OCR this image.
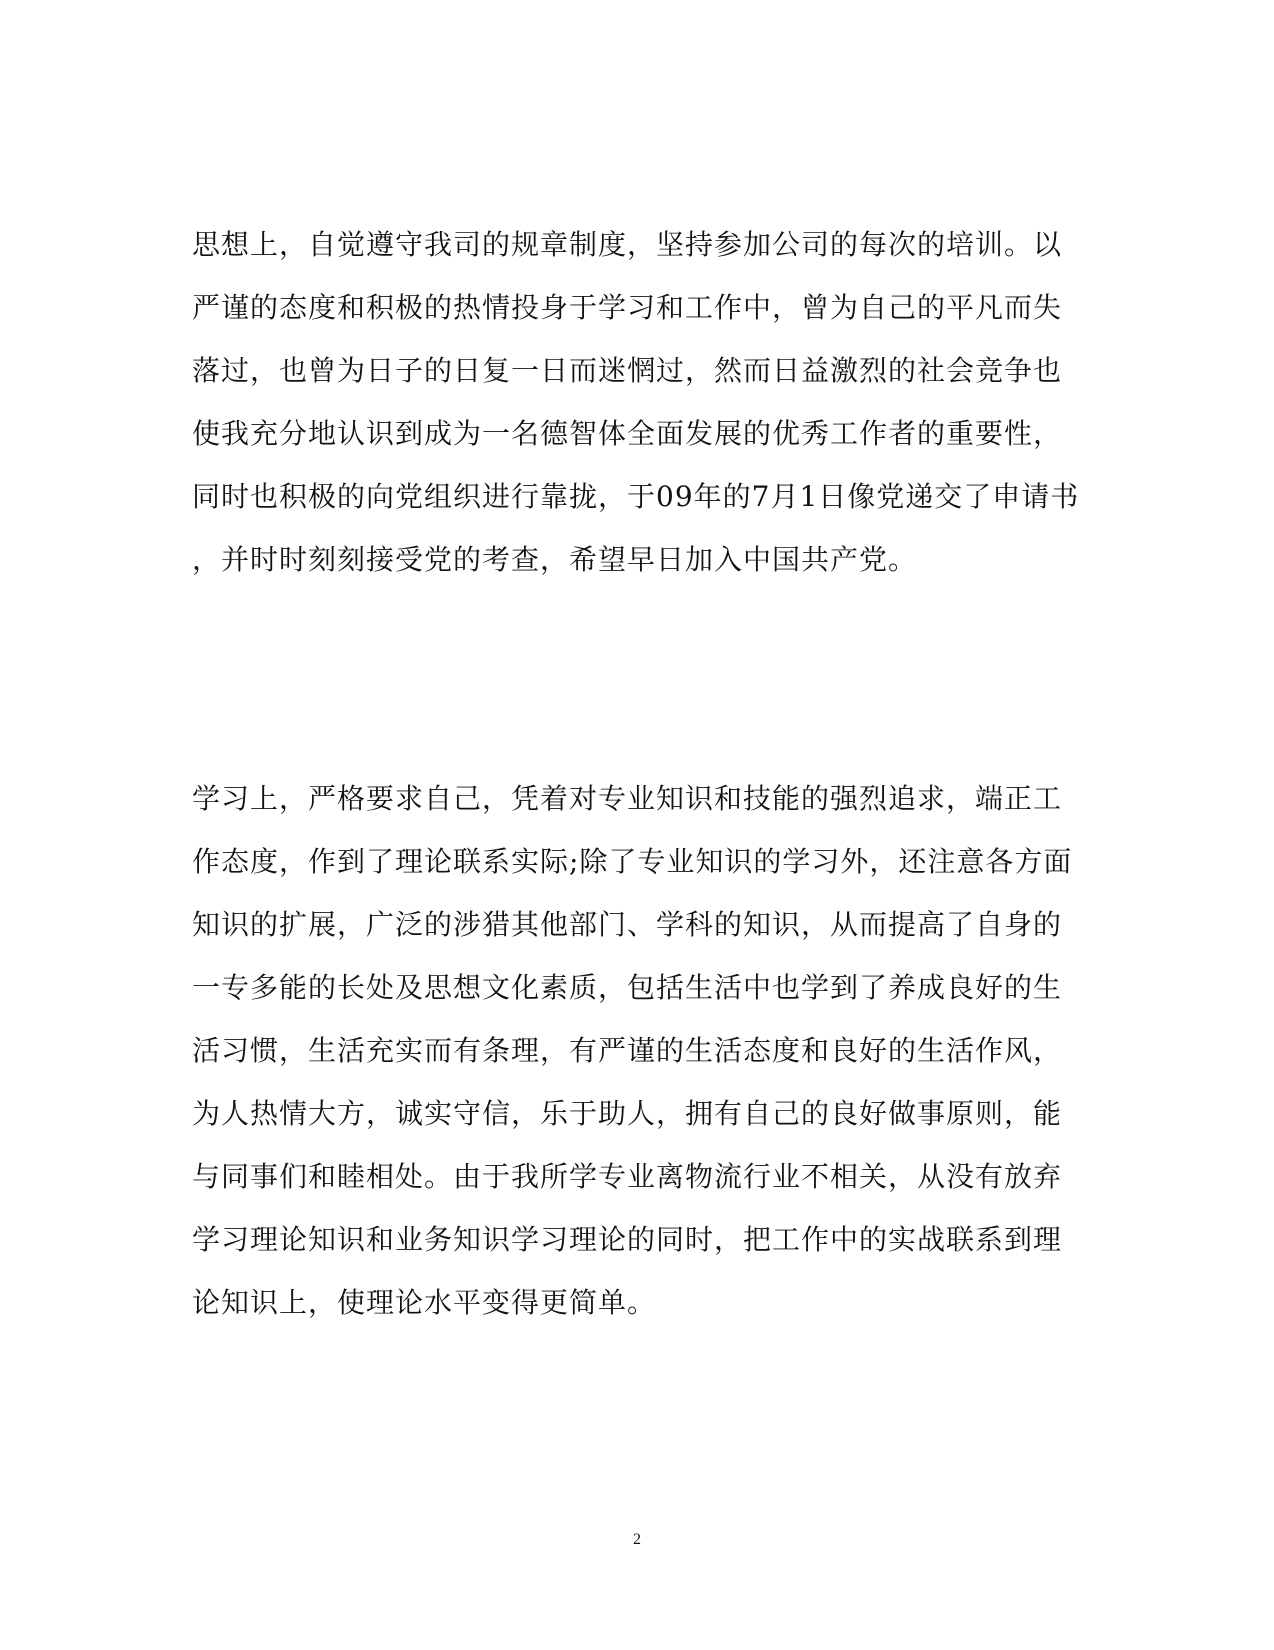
思想上，自觉遵守我司的规章制度，坚持参加公司的每次的培训。以
严谨的态度和积极的热情投身于学习和工作中，曾为自己的平凡而失
落过，也曾为日子的日复一日而迷惘过，然而日益激烈的社会竞争也
使我充分地认识到成为一名德智体全面发展的优秀工作者的重要性，
同时也积极的向党组织进行靠拢，于09年的7月1日像党递交了申请书
，并时时刻刻接受党的考查，希望早日加入中国共产党。
学习上，严格要求自己，凭着对专业知识和技能的强烈追求，端正工
作态度，作到了理论联系实际;除了专业知识的学习外，还注意各方面
知识的扩展，广泛的涉猎其他部门、学科的知识，从而提高了自身的
一专多能的长处及思想文化素质，包括生活中也学到了养成良好的生
活习惯，生活充实而有条理，有严谨的生活态度和良好的生活作风，
为人热情大方，诚实守信，乐于助人，拥有自己的良好做事原则，能
与同事们和睦相处。由于我所学专业离物流行业不相关，从没有放弃
学习理论知识和业务知识学习理论的同时，把工作中的实战联系到理
论知识上，使理论水平变得更简单。
2
